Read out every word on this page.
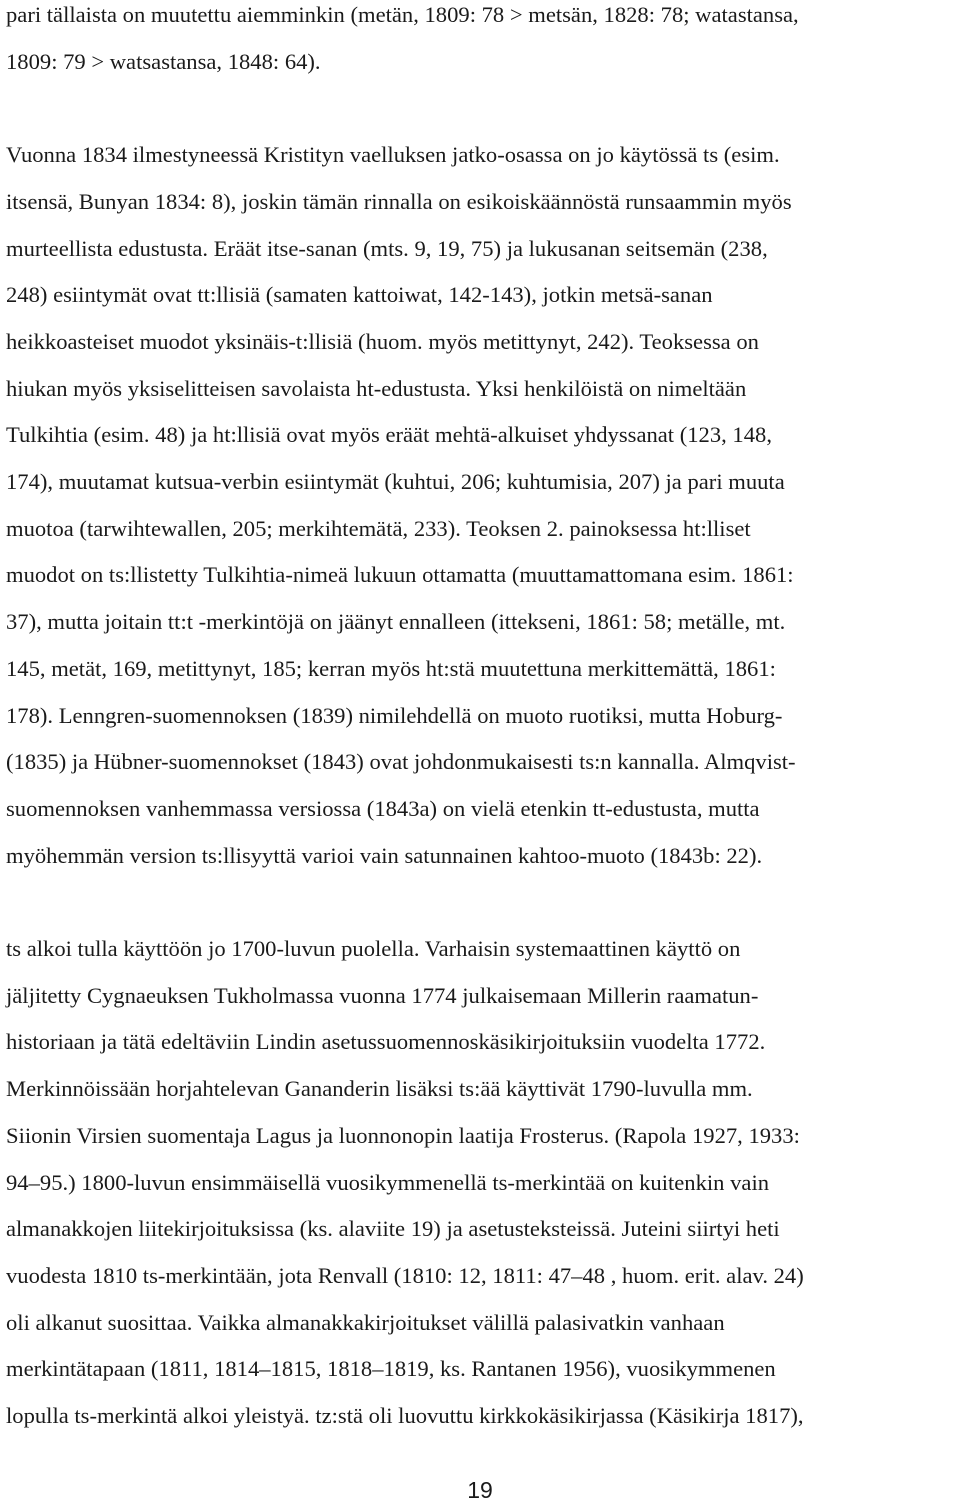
pari tällaista on muutettu aiemminkin (metän, 1809: 78 > metsän, 1828: 78; watastansa,

1809: 79 > watsastansa, 1848: 64).

Vuonna 1834 ilmestyneessä Kristityn vaelluksen jatko-osassa on jo käytössä ts (esim.

itsensä, Bunyan 1834: 8), joskin tämän rinnalla on esikoiskäännöstä runsaammin myös

murteellista edustusta. Eräät itse-sanan (mts. 9, 19, 75) ja lukusanan seitsemän (238,

248) esiintymät ovat tt:llisiä (samaten kattoiwat, 142-143), jotkin metsä-sanan

heikkoasteiset muodot yksinäis-t:llisiä (huom. myös metittynyt, 242). Teoksessa on

hiukan myös yksiselitteisen savolaista ht-edustusta. Yksi henkilöistä on nimeltään

Tulkihtia (esim. 48) ja ht:llisiä ovat myös eräät mehtä-alkuiset yhdyssanat (123, 148,

174), muutamat kutsua-verbin esiintymät (kuhtui, 206; kuhtumisia, 207) ja pari muuta

muotoa (tarwihtewallen, 205; merkihtemätä, 233). Teoksen 2. painoksessa ht:lliset

muodot on ts:llistetty Tulkihtia-nimeä lukuun ottamatta (muuttamattomana esim. 1861:

37), mutta joitain tt:t -merkintöjä on jäänyt ennalleen (ittekseni, 1861: 58; metälle, mt.

145, metät, 169, metittynyt, 185; kerran myös ht:stä muutettuna merkittemättä, 1861:

178). Lenngren-suomennoksen (1839) nimilehdellä on muoto ruotiksi, mutta Hoburg-

(1835) ja Hübner-suomennokset (1843) ovat johdonmukaisesti ts:n kannalla. Almqvist-

suomennoksen vanhemmassa versiossa (1843a) on vielä etenkin tt-edustusta, mutta

myöhemmän version ts:llisyyttä varioi vain satunnainen kahtoo-muoto (1843b: 22).

ts alkoi tulla käyttöön jo 1700-luvun puolella. Varhaisin systemaattinen käyttö on

jäljitetty Cygnaeuksen Tukholmassa vuonna 1774 julkaisemaan Millerin raamatun-

historiaan ja tätä edeltäviin Lindin asetussuomennoskäsikirjoituksiin vuodelta 1772.

Merkinnöissään horjahtelevan Gananderin lisäksi ts:ää käyttivät 1790-luvulla mm.

Siionin Virsien suomentaja Lagus ja luonnonopin laatija Frosterus. (Rapola 1927, 1933:

94–95.) 1800-luvun ensimmäisellä vuosikymmenellä ts-merkintää on kuitenkin vain

almanakkojen liitekirjoituksissa (ks. alaviite 19) ja asetusteksteissä. Juteini siirtyi heti

vuodesta 1810 ts-merkintään, jota Renvall (1810: 12, 1811: 47–48 , huom. erit. alav. 24)

oli alkanut suosittaa. Vaikka almanakkakirjoitukset välillä palasivatkin vanhaan

merkintätapaan (1811, 1814–1815, 1818–1819, ks. Rantanen 1956), vuosikymmenen

lopulla ts-merkintä alkoi yleistyä. tz:stä oli luovuttu kirkkokäsikirjassa (Käsikirja 1817),

19
